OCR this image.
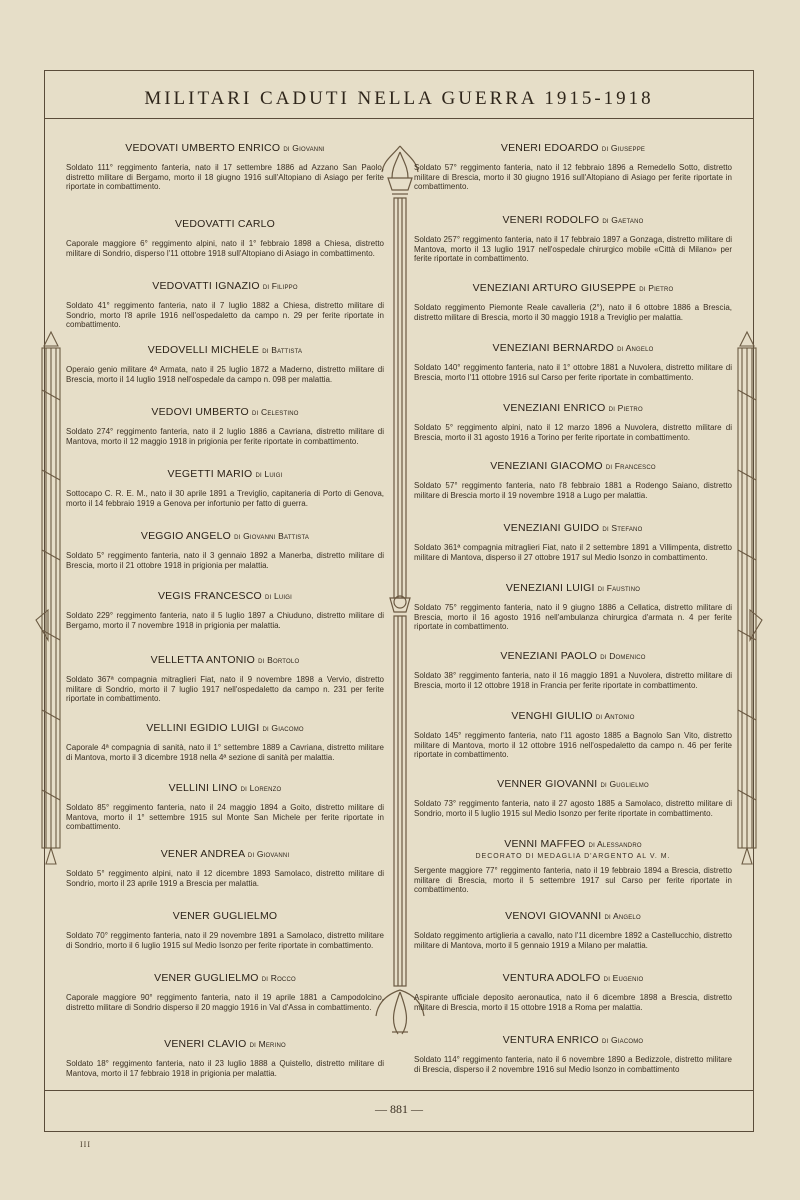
MILITARI CADUTI NELLA GUERRA 1915-1918
VEDOVATI UMBERTO ENRICO di Giovanni
Soldato 111° reggimento fanteria, nato il 17 settembre 1886 ad Azzano San Paolo, distretto militare di Bergamo, morto il 18 giugno 1916 sull'Altopiano di Asiago per ferite riportate in combattimento.
VEDOVATTI CARLO
Caporale maggiore 6° reggimento alpini, nato il 1° febbraio 1898 a Chiesa, distretto militare di Sondrio, disperso l'11 ottobre 1918 sull'Altopiano di Asiago in combattimento.
VEDOVATTI IGNAZIO di Filippo
Soldato 41° reggimento fanteria, nato il 7 luglio 1882 a Chiesa, distretto militare di Sondrio, morto l'8 aprile 1916 nell'ospedaletto da campo n. 29 per ferite riportate in combattimento.
VEDOVELLI MICHELE di Battista
Operaio genio militare 4ª Armata, nato il 25 luglio 1872 a Maderno, distretto militare di Brescia, morto il 14 luglio 1918 nell'ospedale da campo n. 098 per malattia.
VEDOVI UMBERTO di Celestino
Soldato 274° reggimento fanteria, nato il 2 luglio 1886 a Cavriana, distretto militare di Mantova, morto il 12 maggio 1918 in prigionia per ferite riportate in combattimento.
VEGETTI MARIO di Luigi
Sottocapo C. R. E. M., nato il 30 aprile 1891 a Treviglio, capitaneria di Porto di Genova, morto il 14 febbraio 1919 a Genova per infortunio per fatto di guerra.
VEGGIO ANGELO di Giovanni Battista
Soldato 5° reggimento fanteria, nato il 3 gennaio 1892 a Manerba, distretto militare di Brescia, morto il 21 ottobre 1918 in prigionia per malattia.
VEGIS FRANCESCO di Luigi
Soldato 229° reggimento fanteria, nato il 5 luglio 1897 a Chiuduno, distretto militare di Bergamo, morto il 7 novembre 1918 in prigionia per malattia.
VELLETTA ANTONIO di Bortolo
Soldato 367ª compagnia mitraglieri Fiat, nato il 9 novembre 1898 a Vervio, distretto militare di Sondrio, morto il 7 luglio 1917 nell'ospedaletto da campo n. 231 per ferite riportate in combattimento.
VELLINI EGIDIO LUIGI di Giacomo
Caporale 4ª compagnia di sanità, nato il 1° settembre 1889 a Cavriana, distretto militare di Mantova, morto il 3 dicembre 1918 nella 4ª sezione di sanità per malattia.
VELLINI LINO di Lorenzo
Soldato 85° reggimento fanteria, nato il 24 maggio 1894 a Goito, distretto militare di Mantova, morto il 1° settembre 1915 sul Monte San Michele per ferite riportate in combattimento.
VENER ANDREA di Giovanni
Soldato 5° reggimento alpini, nato il 12 dicembre 1893 Samolaco, distretto militare di Sondrio, morto il 23 aprile 1919 a Brescia per malattia.
VENER GUGLIELMO
Soldato 70° reggimento fanteria, nato il 29 novembre 1891 a Samolaco, distretto militare di Sondrio, morto il 6 luglio 1915 sul Medio Isonzo per ferite riportate in combattimento.
VENER GUGLIELMO di Rocco
Caporale maggiore 90° reggimento fanteria, nato il 19 aprile 1881 a Campodolcino, distretto militare di Sondrio disperso il 20 maggio 1916 in Val d'Assa in combattimento.
VENERI CLAVIO di Merino
Soldato 18° reggimento fanteria, nato il 23 luglio 1888 a Quistello, distretto militare di Mantova, morto il 17 febbraio 1918 in prigionia per malattia.
VENERI EDOARDO di Giuseppe
Soldato 57° reggimento fanteria, nato il 12 febbraio 1896 a Remedello Sotto, distretto militare di Brescia, morto il 30 giugno 1916 sull'Altopiano di Asiago per ferite riportate in combattimento.
VENERI RODOLFO di Gaetano
Soldato 257° reggimento fanteria, nato il 17 febbraio 1897 a Gonzaga, distretto militare di Mantova, morto il 13 luglio 1917 nell'ospedale chirurgico mobile «Città di Milano» per ferite riportate in combattimento.
VENEZIANI ARTURO GIUSEPPE di Pietro
Soldato reggimento Piemonte Reale cavalleria (2°), nato il 6 ottobre 1886 a Brescia, distretto militare di Brescia, morto il 30 maggio 1918 a Treviglio per malattia.
VENEZIANI BERNARDO di Angelo
Soldato 140° reggimento fanteria, nato il 1° ottobre 1881 a Nuvolera, distretto militare di Brescia, morto l'11 ottobre 1916 sul Carso per ferite riportate in combattimento.
VENEZIANI ENRICO di Pietro
Soldato 5° reggimento alpini, nato il 12 marzo 1896 a Nuvolera, distretto militare di Brescia, morto il 31 agosto 1916 a Torino per ferite riportate in combattimento.
VENEZIANI GIACOMO di Francesco
Soldato 57° reggimento fanteria, nato l'8 febbraio 1881 a Rodengo Saiano, distretto militare di Brescia morto il 19 novembre 1918 a Lugo per malattia.
VENEZIANI GUIDO di Stefano
Soldato 361ª compagnia mitraglieri Fiat, nato il 2 settembre 1891 a Villimpenta, distretto militare di Mantova, disperso il 27 ottobre 1917 sul Medio Isonzo in combattimento.
VENEZIANI LUIGI di Faustino
Soldato 75° reggimento fanteria, nato il 9 giugno 1886 a Cellatica, distretto militare di Brescia, morto il 16 agosto 1916 nell'ambulanza chirurgica d'armata n. 4 per ferite riportate in combattimento.
VENEZIANI PAOLO di Domenico
Soldato 38° reggimento fanteria, nato il 16 maggio 1891 a Nuvolera, distretto militare di Brescia, morto il 12 ottobre 1918 in Francia per ferite riportate in combattimento.
VENGHI GIULIO di Antonio
Soldato 145° reggimento fanteria, nato l'11 agosto 1885 a Bagnolo San Vito, distretto militare di Mantova, morto il 12 ottobre 1916 nell'ospedaletto da campo n. 46 per ferite riportate in combattimento.
VENNER GIOVANNI di Guglielmo
Soldato 73° reggimento fanteria, nato il 27 agosto 1885 a Samolaco, distretto militare di Sondrio, morto il 5 luglio 1915 sul Medio Isonzo per ferite riportate in combattimento.
VENNI MAFFEO di Alessandro
DECORATO DI MEDAGLIA D'ARGENTO AL V. M.
Sergente maggiore 77° reggimento fanteria, nato il 19 febbraio 1894 a Brescia, distretto militare di Brescia, morto il 5 settembre 1917 sul Carso per ferite riportate in combattimento.
VENOVI GIOVANNI di Angelo
Soldato reggimento artiglieria a cavallo, nato l'11 dicembre 1892 a Castellucchio, distretto militare di Mantova, morto il 5 gennaio 1919 a Milano per malattia.
VENTURA ADOLFO di Eugenio
Aspirante ufficiale deposito aeronautica, nato il 6 dicembre 1898 a Brescia, distretto militare di Brescia, morto il 15 ottobre 1918 a Roma per malattia.
VENTURA ENRICO di Giacomo
Soldato 114° reggimento fanteria, nato il 6 novembre 1890 a Bedizzole, distretto militare di Brescia, disperso il 2 novembre 1916 sul Medio Isonzo in combattimento
— 881 —
III
